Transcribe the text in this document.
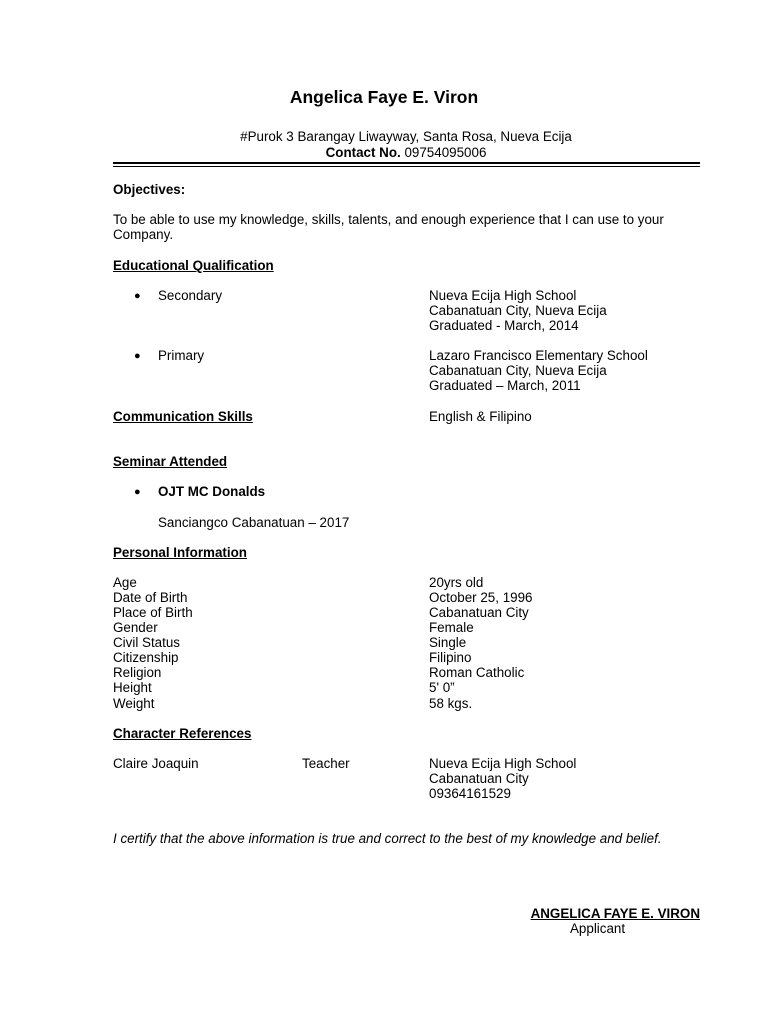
Angelica Faye E. Viron
#Purok 3 Barangay Liwayway, Santa Rosa, Nueva Ecija
Contact No. 09754095006
Objectives:
To be able to use my knowledge, skills, talents, and enough experience that I can use to your Company.
Educational Qualification
● Secondary	Nueva Ecija High School
Cabanatuan City, Nueva Ecija
Graduated - March, 2014
● Primary	Lazaro Francisco Elementary School
Cabanatuan City, Nueva Ecija
Graduated – March, 2011
Communication Skills	English & Filipino
Seminar Attended
● OJT MC Donalds
Sanciangco Cabanatuan – 2017
Personal Information
Age	20yrs old
Date of Birth	October 25, 1996
Place of Birth	Cabanatuan City
Gender	Female
Civil Status	Single
Citizenship	Filipino
Religion	Roman Catholic
Height	5' 0”
Weight	58 kgs.
Character References
Claire Joaquin	Teacher	Nueva Ecija High School
Cabanatuan City
09364161529
I certify that the above information is true and correct to the best of my knowledge and belief.
ANGELICA FAYE E. VIRON
Applicant
